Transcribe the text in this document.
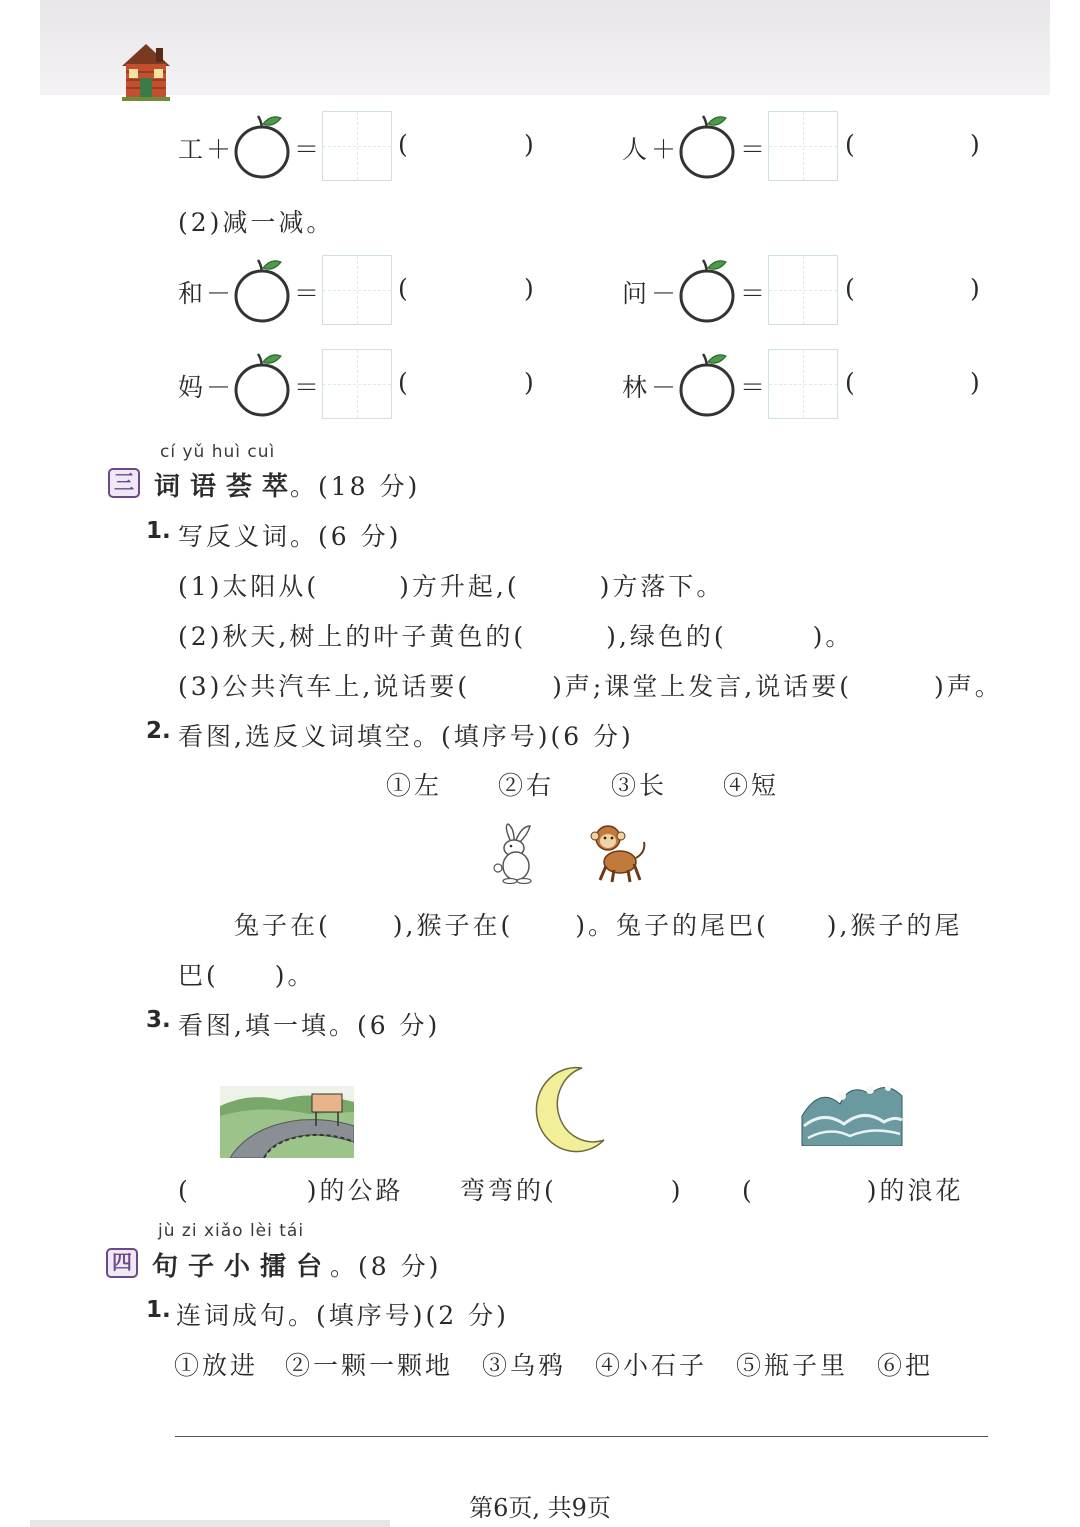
工 ＋ ＝	(	)	人 ＋ ＝	(	)
(2)减一减。
和 － ＝	(	)	问 － ＝	(	)
妈 － ＝	(	)	林 － ＝	(	)
cí yǔ huì cuì
三 词语荟萃
。(18 分)
1. 写反义词。(6 分)
(1)太阳从(	)方升起,(	)方落下。
(2)秋天,树上的叶子黄色的(	),绿色的(	)。
(3)公共汽车上,说话要(	)声;课堂上发言,说话要(	)声。
2. 看图,选反义词填空。(填序号)(6 分)
①左 ②右 ③长 ④短
兔子在( ),猴子在( )。兔子的尾巴( ),猴子的尾
巴( )。
3. 看图,填一填。(6 分)
(	)的公路 弯弯的(	) (	)的浪花
jù zi xiǎo lèi tái
四 句子小擂台
。(8 分)
1. 连词成句。(填序号)(2 分)
①放进 ②一颗一颗地 ③乌鸦 ④小石子 ⑤瓶子里 ⑥把
第6页, 共9页
